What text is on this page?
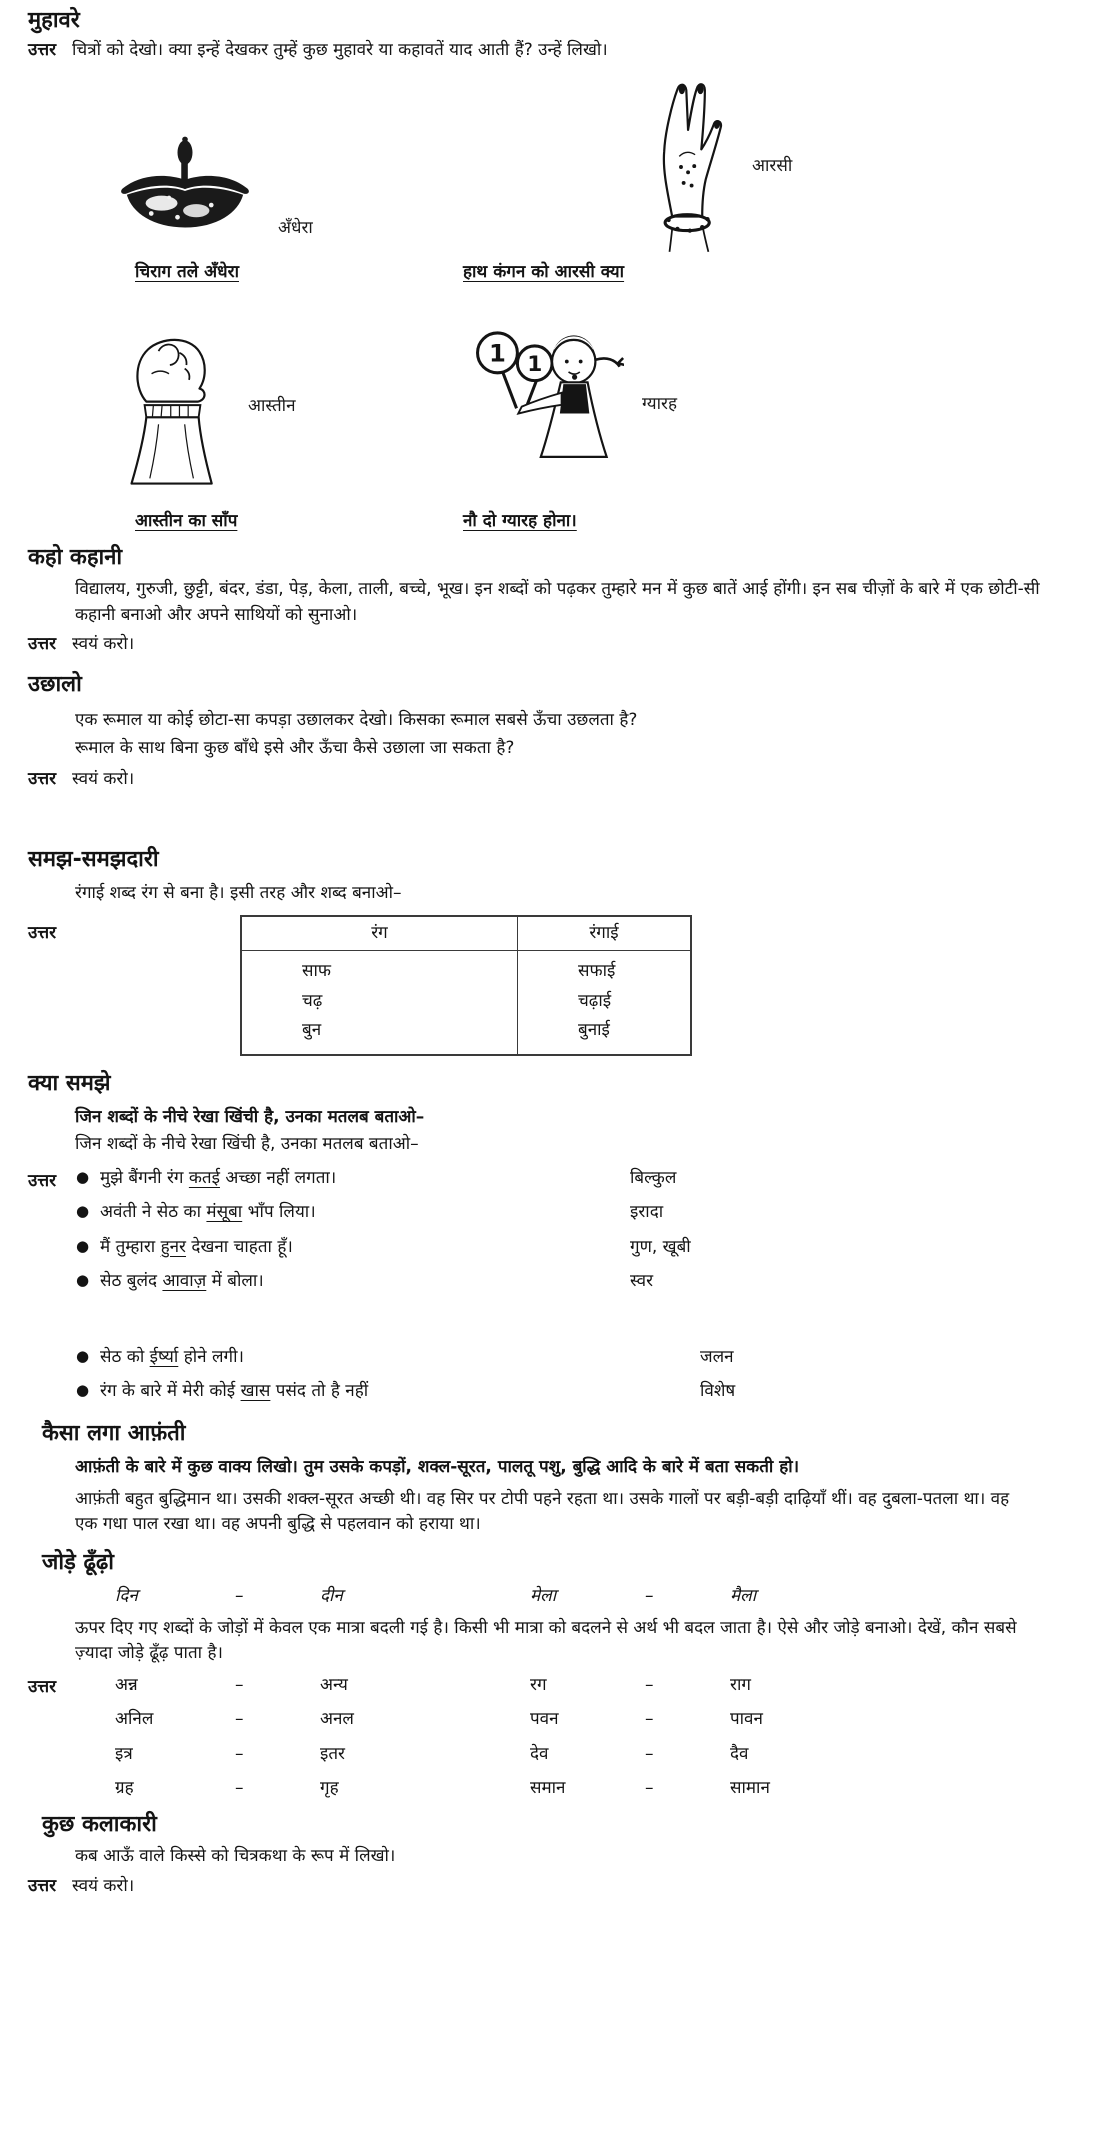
मुहावरे
उत्तर चित्रों को देखो। क्या इन्हें देखकर तुम्हें कुछ मुहावरे या कहावतें याद आती हैं? उन्हें लिखो।
अँधेरा
चिराग तले अँधेरा
आरसी
हाथ कंगन को आरसी क्या
आस्तीन
आस्तीन का साँप
1 1
ग्यारह
नौ दो ग्यारह होना।
कहो कहानी

विद्यालय, गुरुजी, छुट्टी, बंदर, डंडा, पेड़, केला, ताली, बच्चे, भूख। इन शब्दों को पढ़कर तुम्हारे मन में कुछ बातें आई होंगी। इन सब चीज़ों के बारे में एक छोटी-सी कहानी बनाओ और अपने साथियों को सुनाओ।

उत्तर स्वयं करो।
उछालो

एक रूमाल या कोई छोटा-सा कपड़ा उछालकर देखो। किसका रूमाल सबसे ऊँचा उछलता है?

रूमाल के साथ बिना कुछ बाँधे इसे और ऊँचा कैसे उछाला जा सकता है?

उत्तर स्वयं करो।
समझ-समझदारी

रंगाई शब्द रंग से बना है। इसी तरह और शब्द बनाओ–

उत्तर	रंग	रंगाई
साफ	सफाई
चढ़	चढ़ाई
बुन	बुनाई
क्या समझे

जिन शब्दों के नीचे रेखा खिंची है, उनका मतलब बताओ–

जिन शब्दों के नीचे रेखा खिंची है, उनका मतलब बताओ–

उत्तर ● मुझे बैंगनी रंग कतई अच्छा नहीं लगता।	बिल्कुल
● अवंती ने सेठ का मंसूबा भाँप लिया।	इरादा
● मैं तुम्हारा हुनर देखना चाहता हूँ।	गुण, खूबी
● सेठ बुलंद आवाज़ में बोला।	स्वर
● सेठ को ईर्ष्या होने लगी।	जलन
● रंग के बारे में मेरी कोई खास पसंद तो है नहीं	विशेष
कैसा लगा आफ़ंती

आफ़ंती के बारे में कुछ वाक्य लिखो। तुम उसके कपड़ों, शक्ल-सूरत, पालतू पशु, बुद्धि आदि के बारे में बता सकती हो।

आफ़ंती बहुत बुद्धिमान था। उसकी शक्ल-सूरत अच्छी थी। वह सिर पर टोपी पहने रहता था। उसके गालों पर बड़ी-बड़ी दाढ़ियाँ थीं। वह दुबला-पतला था। वह एक गधा पाल रखा था। वह अपनी बुद्धि से पहलवान को हराया था।

जोड़े ढूँढ़ो
दिन	–	दीन	मेला	–	मैला

ऊपर दिए गए शब्दों के जोड़ों में केवल एक मात्रा बदली गई है। किसी भी मात्रा को बदलने से अर्थ भी बदल जाता है। ऐसे और जोड़े बनाओ। देखें, कौन सबसे ज़्यादा जोड़े ढूँढ़ पाता है।

उत्तर	अन्न	–	अन्य	रग	–	राग
अनिल	–	अनल	पवन	–	पावन
इत्र	–	इतर	देव	–	दैव
ग्रह	–	गृह	समान	–	सामान
कुछ कलाकारी

कब आऊँ वाले किस्से को चित्रकथा के रूप में लिखो।

उत्तर स्वयं करो।
